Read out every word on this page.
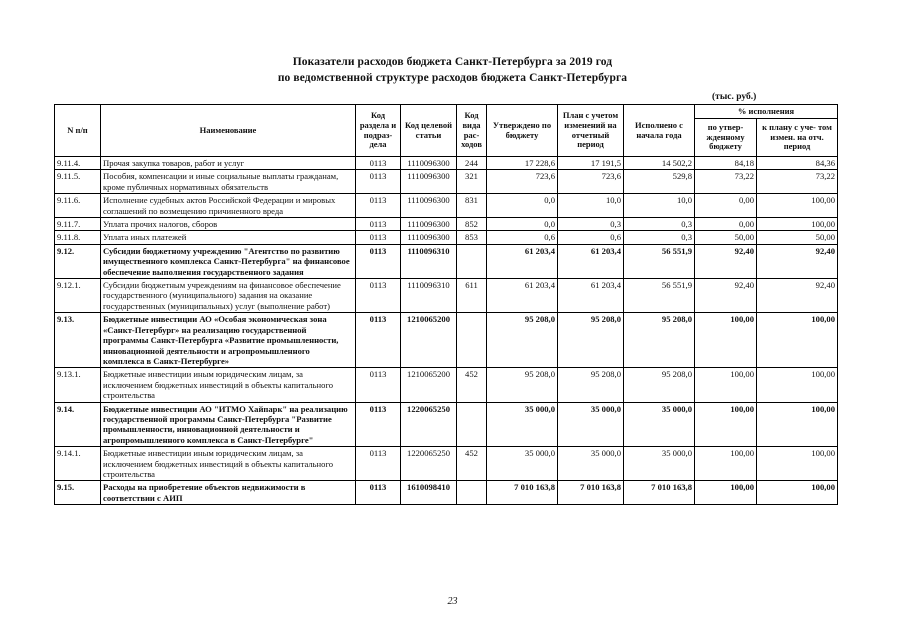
Показатели расходов бюджета Санкт-Петербурга за 2019 год
по ведомственной структуре расходов бюджета Санкт-Петербурга
(тыс. руб.)
N п/п	Наименование	Код раздела и подраз- дела	Код целевой статьи	Код вида рас- ходов	Утверждено по бюджету	План с учетом изменений на отчетный период	Исполнено с начала года	% исполнения	
								по утвер- жденному бюджету	к плану с уче- том измен. на отч. период
9.11.4.	Прочая закупка товаров, работ и услуг	0113	1110096300	244	17 228,6	17 191,5	14 502,2	84,18	84,36
9.11.5.	Пособия, компенсации и иные социальные выплаты гражданам, кроме публичных нормативных обязательств	0113	1110096300	321	723,6	723,6	529,8	73,22	73,22
9.11.6.	Исполнение судебных актов Российской Федерации и мировых соглашений по возмещению причиненного вреда	0113	1110096300	831	0,0	10,0	10,0	0,00	100,00
9.11.7.	Уплата прочих налогов, сборов	0113	1110096300	852	0,0	0,3	0,3	0,00	100,00
9.11.8.	Уплата иных платежей	0113	1110096300	853	0,6	0,6	0,3	50,00	50,00
9.12.	Субсидии бюджетному учреждению "Агентство по развитию имущественного комплекса Санкт-Петербурга" на финансовое обеспечение выполнения государственного задания	0113	1110096310		61 203,4	61 203,4	56 551,9	92,40	92,40
9.12.1.	Субсидии бюджетным учреждениям на финансовое обеспечение государственного (муниципального) задания на оказание государственных (муниципальных) услуг (выполнение работ)	0113	1110096310	611	61 203,4	61 203,4	56 551,9	92,40	92,40
9.13.	Бюджетные инвестиции АО «Особая экономическая зона «Санкт-Петербург» на реализацию государственной программы Санкт-Петербурга «Развитие промышленности, инновационной деятельности и агропромышленного комплекса в Санкт-Петербурге»	0113	1210065200		95 208,0	95 208,0	95 208,0	100,00	100,00
9.13.1.	Бюджетные инвестиции иным юридическим лицам, за исключением бюджетных инвестиций в объекты капитального строительства	0113	1210065200	452	95 208,0	95 208,0	95 208,0	100,00	100,00
9.14.	Бюджетные инвестиции АО "ИТМО Хайпарк" на реализацию государственной программы Санкт-Петербурга "Развитие промышленности, инновационной деятельности и агропромышленного комплекса в Санкт-Петербурге"	0113	1220065250		35 000,0	35 000,0	35 000,0	100,00	100,00
9.14.1.	Бюджетные инвестиции иным юридическим лицам, за исключением бюджетных инвестиций в объекты капитального строительства	0113	1220065250	452	35 000,0	35 000,0	35 000,0	100,00	100,00
9.15.	Расходы на приобретение объектов недвижимости в соответствии с АИП	0113	1610098410		7 010 163,8	7 010 163,8	7 010 163,8	100,00	100,00
23
